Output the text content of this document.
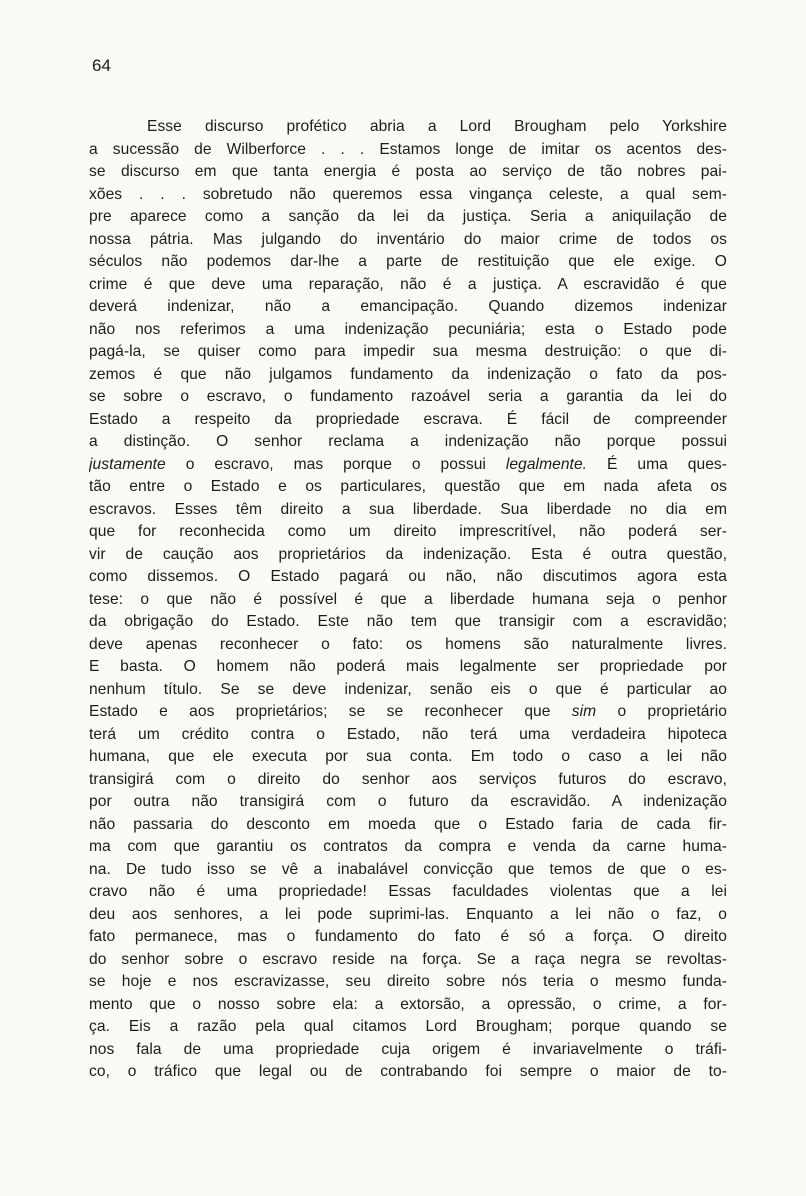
64
Esse discurso profético abria a Lord Brougham pelo Yorkshire
a sucessão de Wilberforce . . . Estamos longe de imitar os acentos des-
se discurso em que tanta energia é posta ao serviço de tão nobres pai-
xões . . . sobretudo não queremos essa vingança celeste, a qual sem-
pre aparece como a sanção da lei da justiça. Seria a aniquilação de
nossa pátria. Mas julgando do inventário do maior crime de todos os
séculos não podemos dar-lhe a parte de restituição que ele exige. O
crime é que deve uma reparação, não é a justiça. A escravidão é que
deverá indenizar, não a emancipação. Quando dizemos indenizar
não nos referimos a uma indenização pecuniária; esta o Estado pode
pagá-la, se quiser como para impedir sua mesma destruição: o que di-
zemos é que não julgamos fundamento da indenização o fato da pos-
se sobre o escravo, o fundamento razoável seria a garantia da lei do
Estado a respeito da propriedade escrava. É fácil de compreender
a distinção. O senhor reclama a indenização não porque possui
justamente o escravo, mas porque o possui legalmente. É uma ques-
tão entre o Estado e os particulares, questão que em nada afeta os
escravos. Esses têm direito a sua liberdade. Sua liberdade no dia em
que for reconhecida como um direito imprescritível, não poderá ser-
vir de caução aos proprietários da indenização. Esta é outra questão,
como dissemos. O Estado pagará ou não, não discutimos agora esta
tese: o que não é possível é que a liberdade humana seja o penhor
da obrigação do Estado. Este não tem que transigir com a escravidão;
deve apenas reconhecer o fato: os homens são naturalmente livres.
E basta. O homem não poderá mais legalmente ser propriedade por
nenhum título. Se se deve indenizar, senão eis o que é particular ao
Estado e aos proprietários; se se reconhecer que sim o proprietário
terá um crédito contra o Estado, não terá uma verdadeira hipoteca
humana, que ele executa por sua conta. Em todo o caso a lei não
transigirá com o direito do senhor aos serviços futuros do escravo,
por outra não transigirá com o futuro da escravidão. A indenização
não passaria do desconto em moeda que o Estado faria de cada fir-
ma com que garantiu os contratos da compra e venda da carne huma-
na. De tudo isso se vê a inabalável convicção que temos de que o es-
cravo não é uma propriedade! Essas faculdades violentas que a lei
deu aos senhores, a lei pode suprimi-las. Enquanto a lei não o faz, o
fato permanece, mas o fundamento do fato é só a força. O direito
do senhor sobre o escravo reside na força. Se a raça negra se revoltas-
se hoje e nos escravizasse, seu direito sobre nós teria o mesmo funda-
mento que o nosso sobre ela: a extorsão, a opressão, o crime, a for-
ça. Eis a razão pela qual citamos Lord Brougham; porque quando se
nos fala de uma propriedade cuja origem é invariavelmente o tráfi-
co, o tráfico que legal ou de contrabando foi sempre o maior de to-
